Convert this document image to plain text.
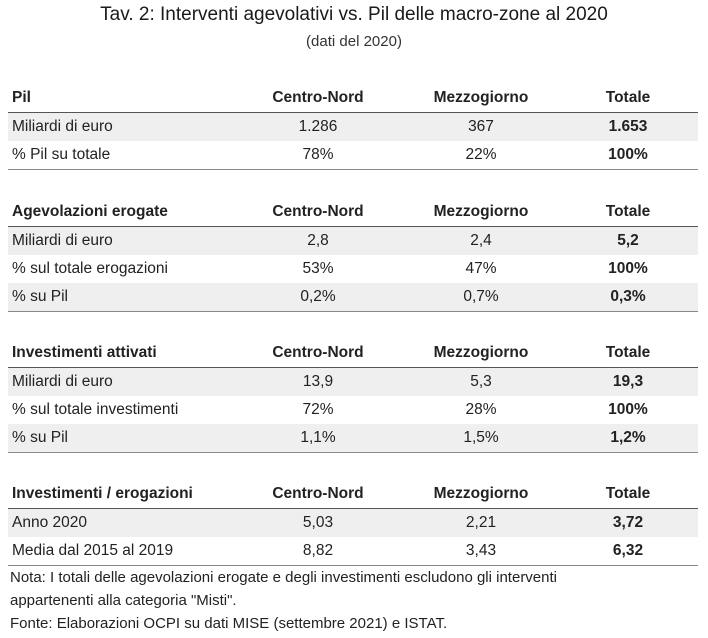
Tav. 2: Interventi agevolativi vs. Pil delle macro-zone al 2020
(dati del 2020)
Pil	Centro-Nord	Mezzogiorno	Totale
Miliardi di euro	1.286	367	1.653
% Pil su totale	78%	22%	100%
Agevolazioni erogate	Centro-Nord	Mezzogiorno	Totale
Miliardi di euro	2,8	2,4	5,2
% sul totale erogazioni	53%	47%	100%
% su Pil	0,2%	0,7%	0,3%
Investimenti attivati	Centro-Nord	Mezzogiorno	Totale
Miliardi di euro	13,9	5,3	19,3
% sul totale investimenti	72%	28%	100%
% su Pil	1,1%	1,5%	1,2%
Investimenti / erogazioni	Centro-Nord	Mezzogiorno	Totale
Anno 2020	5,03	2,21	3,72
Media dal 2015 al 2019	8,82	3,43	6,32
Nota: I totali delle agevolazioni erogate e degli investimenti escludono gli interventi
appartenenti alla categoria "Misti".
Fonte: Elaborazioni OCPI su dati MISE (settembre 2021) e ISTAT.
